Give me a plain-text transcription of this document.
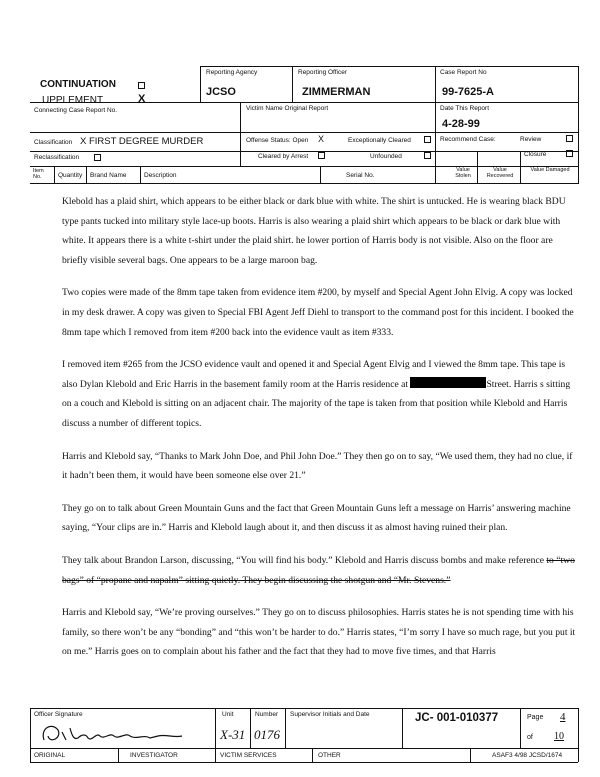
CONTINUATION
UPPLEMENT	X
Connecting Case Report No.
Classification X FIRST DEGREE MURDER
Reclassification
Reporting Agency
JCSO
Reporting Officer
ZIMMERMAN
Case Report No
99-7625-A
Victim Name Original Report	Date This Report
4-28-99
Offense Status: Open X	Exceptionally Cleared
Cleared by Arrest	Unfounded
Recommend Case:	Review
Closure
Item No.	Quantity Brand Name	Description	Serial No.
Value Stolen
Value Recovered
Value Damaged

Klebold has a plaid shirt, which appears to be either black or dark blue with white. The shirt is untucked. He is wearing black BDU type pants tucked into military style lace-up boots. Harris is also wearing a plaid shirt which appears to be black or dark blue with white. It appears there is a white t-shirt under the plaid shirt. he lower portion of Harris body is not visible. Also on the floor are briefly visible several bags. One appears to be a large maroon bag.

Two copies were made of the 8mm tape taken from evidence item #200, by myself and Special Agent John Elvig. A copy was locked in my desk drawer. A copy was given to Special FBI Agent Jeff Diehl to transport to the command post for this incident. I booked the 8mm tape which I removed from item #200 back into the evidence vault as item #333.

I removed item #265 from the JCSO evidence vault and opened it and Special Agent Elvig and I viewed the 8mm tape. This tape is also Dylan Klebold and Eric Harris in the basement family room at the Harris residence at	Street. Harris s sitting on a couch and Klebold is sitting on an adjacent chair. The majority of the tape is taken from that position while Klebold and Harris discuss a number of different topics.

Harris and Klebold say, “Thanks to Mark John Doe, and Phil John Doe.” They then go on to say, “We used them, they had no clue, if it hadn’t been them, it would have been someone else over 21.”

They go on to talk about Green Mountain Guns and the fact that Green Mountain Guns left a message on Harris’ answering machine saying, “Your clips are in.” Harris and Klebold laugh about it, and then discuss it as almost having ruined their plan.

They talk about Brandon Larson, discussing, “You will find his body.” Klebold and Harris discuss bombs and make reference to “two bags” of “propane and napalm” sitting quietly. They begin discussing the shotgun and “Mr. Stevens.”

Harris and Klebold say, “We’re proving ourselves.” They go on to discuss philosophies. Harris states he is not spending time with his family, so there won’t be any “bonding” and “this won’t be harder to do.” Harris states, “I’m sorry I have so much rage, but you put it on me.” Harris goes on to complain about his father and the fact that they had to move five times, and that Harris

Officer Signature	Unit
X-31
Number
0176
Supervisor Initials and Date	JC- 001-010377	Page 4
of 10
ORIGINAL	INVESTIGATOR	VICTIM SERVICES	OTHER	ASAF3 4/98 JCSD/1674
